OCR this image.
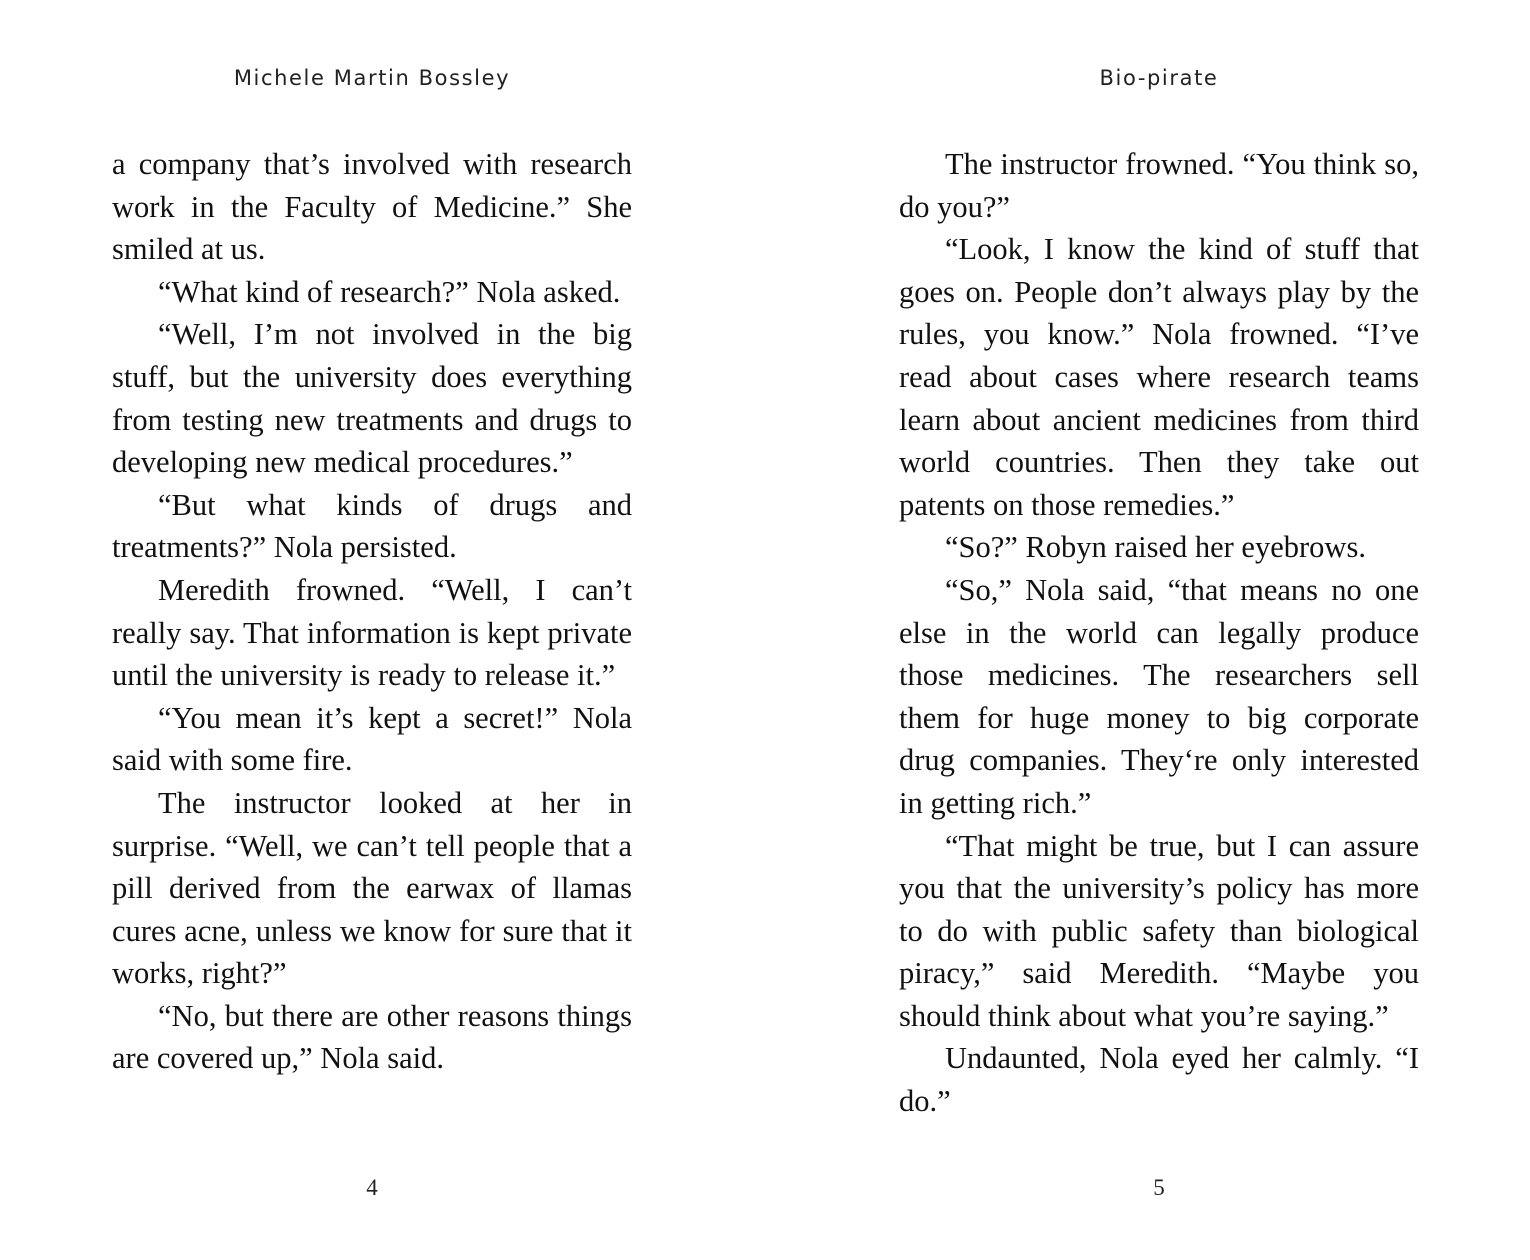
Michele Martin Bossley

a company that’s involved with research work in the Faculty of Medicine.” She smiled at us.

“What kind of research?” Nola asked.

“Well, I’m not involved in the big stuff, but the university does everything from testing new treatments and drugs to developing new medical procedures.”

“But what kinds of drugs and treatments?” Nola persisted.

Meredith frowned. “Well, I can’t really say. That information is kept private until the university is ready to release it.”

“You mean it’s kept a secret!” Nola said with some fire.

The instructor looked at her in surprise. “Well, we can’t tell people that a pill derived from the earwax of llamas cures acne, unless we know for sure that it works, right?”

“No, but there are other reasons things are covered up,” Nola said.

4
Bio-pirate

The instructor frowned. “You think so, do you?”

“Look, I know the kind of stuff that goes on. People don’t always play by the rules, you know.” Nola frowned. “I’ve read about cases where research teams learn about ancient medicines from third world countries. Then they take out patents on those remedies.”

“So?” Robyn raised her eyebrows.

“So,” Nola said, “that means no one else in the world can legally produce those medicines. The researchers sell them for huge money to big corporate drug companies. They‘re only interested in getting rich.”

“That might be true, but I can assure you that the university’s policy has more to do with public safety than biological piracy,” said Meredith. “Maybe you should think about what you’re saying.”

Undaunted, Nola eyed her calmly. “I do.”

5
